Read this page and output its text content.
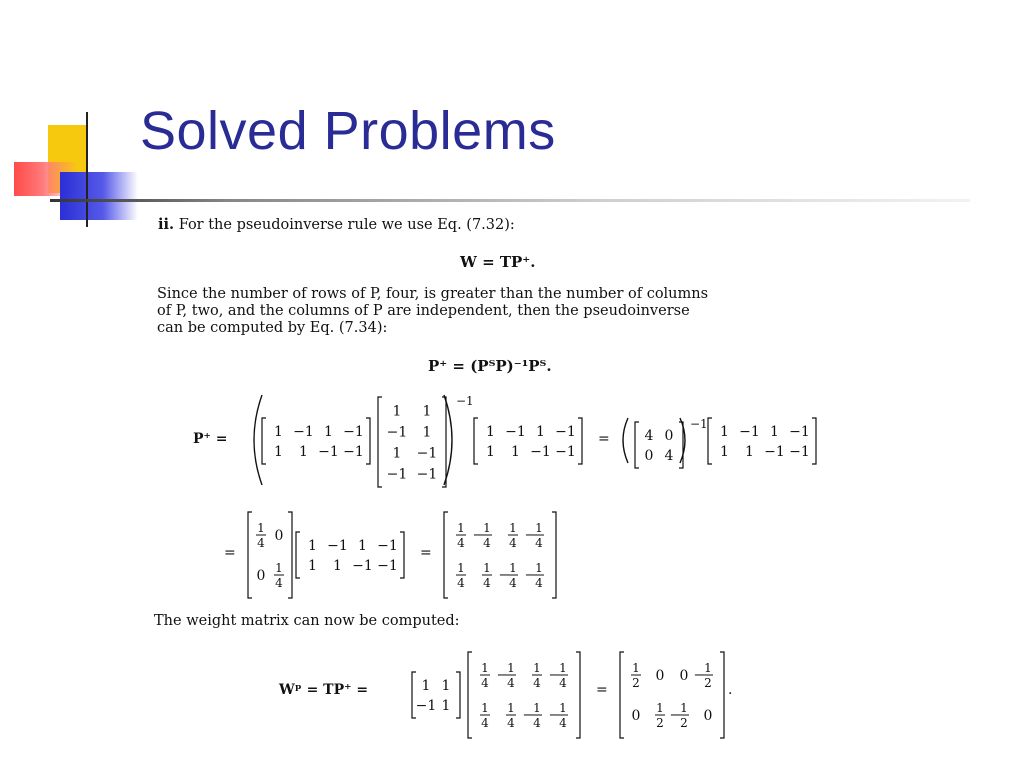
Solved Problems
ii. For the pseudoinverse rule we use Eq. (7.32):
W = TP⁺.
Since the number of rows of P, four, is greater than the number of columns
of P, two, and the columns of P are independent, then the pseudoinverse
can be computed by Eq. (7.34):
P⁺ = (PᵀP)⁻¹Pᵀ.
P⁺ =	1 −1 1 −1
1 1 −1 −1
1 1
−1 1
1 −1
−1 −1
−1
1 −1 1 −1
1 1 −1 −1
= 4 0
0 4
−1 1 −1 1 −1
1 1 −1 −1
=
1
4 0
0 1
4
1 −1 1 −1
1 1 −1 −1
=
1
4 − 1
4
1
4 − 1
4
1
4
1
4 − 1
4 − 1
4
Wᵖ = TP⁺ =	1 1
−1 1
1
4 − 1
4
1
4 − 1
4
1
4
1
4 − 1
4 − 1
4
=
1
2 0 0 − 1
2
0 1
2 − 1
2 0
.
The weight matrix can now be computed:
